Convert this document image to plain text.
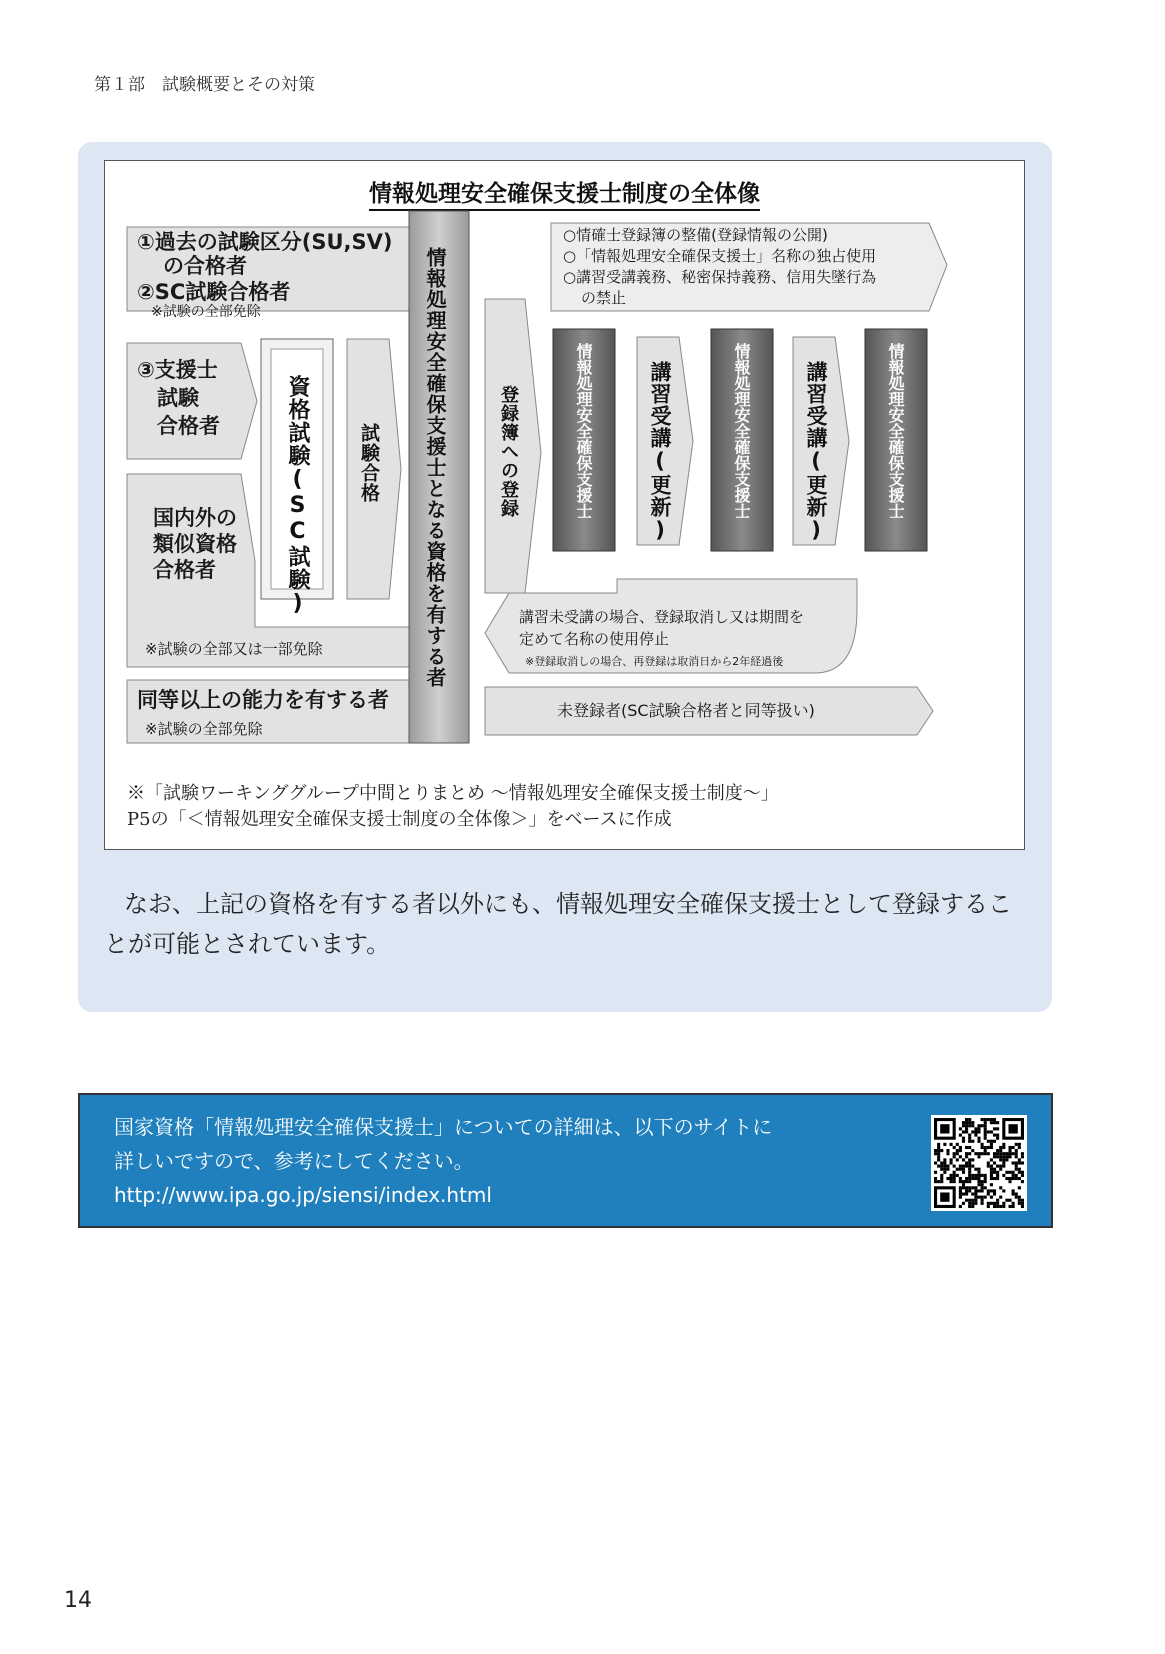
第１部　試験概要とその対策
情報処理安全確保支援士制度の全体像
①過去の試験区分(SU,SV)
の合格者
②SC試験合格者
※試験の全部免除
③支援士
試験
合格者
国内外の
類似資格
合格者
※試験の全部又は一部免除
同等以上の能力を有する者
※試験の全部免除
資格試験(SC試験)	試験合格 情報処理安全確保支援士となる資格を有する者	登録簿への登録	情報処理安全確保支援士	講習受講(更新)	情報処理安全確保支援士	講習受講(更新)	情報処理安全確保支援士
○情確士登録簿の整備(登録情報の公開)
○「情報処理安全確保支援士」名称の独占使用
○講習受講義務、秘密保持義務、信用失墜行為
の禁止
講習未受講の場合、登録取消し又は期間を
定めて名称の使用停止
※登録取消しの場合、再登録は取消日から2年経過後
未登録者(SC試験合格者と同等扱い)
※「試験ワーキンググループ中間とりまとめ ～情報処理安全確保支援士制度～」
P5の「＜情報処理安全確保支援士制度の全体像＞」をベースに作成
なお、上記の資格を有する者以外にも、情報処理安全確保支援士として登録することが可能とされています。
国家資格「情報処理安全確保支援士」についての詳細は、以下のサイトに
詳しいですので、参考にしてください。
http://www.ipa.go.jp/siensi/index.html
14
